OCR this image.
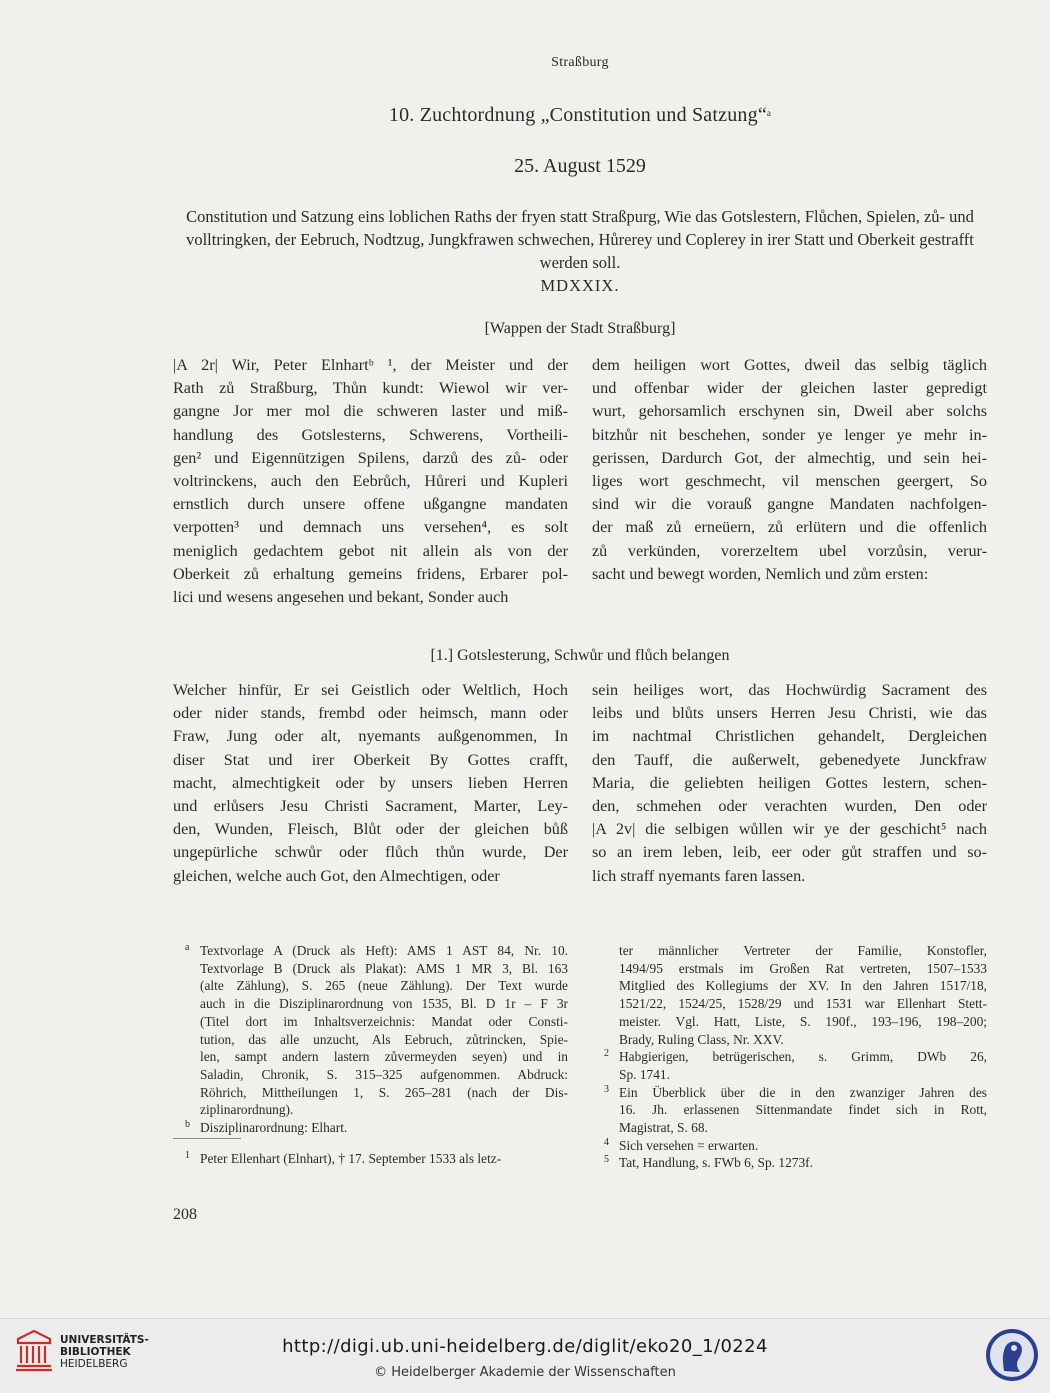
Straßburg
10. Zuchtordnung „Constitution und Satzung“$^a$
25. August 1529
Constitution und Satzung eins loblichen Raths der fryen statt Straßpurg, Wie das Gotslestern, Flůchen, Spielen, zů- und volltringken, der Eebruch, Nodtzug, Jungkfrawen schwechen, Hůrerey und Coplerey in irer Statt und Oberkeit gestrafft werden soll.
MDXXIX.
[Wappen der Stadt Straßburg]
|A 2r| Wir, Peter Elnhartᵇ ¹, der Meister und der
Rath zů Straßburg, Thůn kundt: Wiewol wir ver-
gangne Jor mer mol die schweren laster und miß-
handlung des Gotslesterns, Schwerens, Vortheili-
gen² und Eigennützigen Spilens, darzů des zů- oder
voltrinckens, auch den Eebrůch, Hůreri und Kupleri
ernstlich durch unsere offene ußgangne mandaten
verpotten³ und demnach uns versehen⁴, es solt
meniglich gedachtem gebot nit allein als von der
Oberkeit zů erhaltung gemeins fridens, Erbarer pol-
lici und wesens angesehen und bekant, Sonder auch
dem heiligen wort Gottes, dweil das selbig täglich
und offenbar wider der gleichen laster gepredigt
wurt, gehorsamlich erschynen sin, Dweil aber solchs
bitzhůr nit beschehen, sonder ye lenger ye mehr in-
gerissen, Dardurch Got, der almechtig, und sein hei-
liges wort geschmecht, vil menschen geergert, So
sind wir die vorauß gangne Mandaten nachfolgen-
der maß zů erneüern, zů erlütern und die offenlich
zů verkünden, vorerzeltem ubel vorzůsin, verur-
sacht und bewegt worden, Nemlich und zům ersten:
[1.] Gotslesterung, Schwůr und flůch belangen
Welcher hinfür, Er sei Geistlich oder Weltlich, Hoch
oder nider stands, frembd oder heimsch, mann oder
Fraw, Jung oder alt, nyemants außgenommen, In
diser Stat und irer Oberkeit By Gottes crafft,
macht, almechtigkeit oder by unsers lieben Herren
und erlůsers Jesu Christi Sacrament, Marter, Ley-
den, Wunden, Fleisch, Blůt oder der gleichen bůß
ungepürliche schwůr oder flůch thůn wurde, Der
gleichen, welche auch Got, den Almechtigen, oder
sein heiliges wort, das Hochwürdig Sacrament des
leibs und blůts unsers Herren Jesu Christi, wie das
im nachtmal Christlichen gehandelt, Dergleichen
den Tauff, die außerwelt, gebenedyete Junckfraw
Maria, die geliebten heiligen Gottes lestern, schen-
den, schmehen oder verachten wurden, Den oder
|A 2v| die selbigen wůllen wir ye der geschicht⁵ nach
so an irem leben, leib, eer oder gůt straffen und so-
lich straff nyemants faren lassen.
a Textvorlage A (Druck als Heft): AMS 1 AST 84, Nr. 10.
Textvorlage B (Druck als Plakat): AMS 1 MR 3, Bl. 163
(alte Zählung), S. 265 (neue Zählung). Der Text wurde
auch in die Disziplinarordnung von 1535, Bl. D 1r – F 3r
(Titel dort im Inhaltsverzeichnis: Mandat oder Consti-
tution, das alle unzucht, Als Eebruch, zůtrincken, Spie-
len, sampt andern lastern zůvermeyden seyen) und in
Saladin, Chronik, S. 315–325 aufgenommen. Abdruck:
Röhrich, Mittheilungen 1, S. 265–281 (nach der Dis-
ziplinarordnung).
b Disziplinarordnung: Elhart.
1 Peter Ellenhart (Elnhart), † 17. September 1533 als letz-
ter männlicher Vertreter der Familie, Konstofler,
1494/95 erstmals im Großen Rat vertreten, 1507–1533
Mitglied des Kollegiums der XV. In den Jahren 1517/18,
1521/22, 1524/25, 1528/29 und 1531 war Ellenhart Stett-
meister. Vgl. Hatt, Liste, S. 190f., 193–196, 198–200;
Brady, Ruling Class, Nr. XXV.
2 Habgierigen, betrügerischen, s. Grimm, DWb 26,
Sp. 1741.
3 Ein Überblick über die in den zwanziger Jahren des
16. Jh. erlassenen Sittenmandate findet sich in Rott,
Magistrat, S. 68.
4 Sich versehen = erwarten.
5 Tat, Handlung, s. FWb 6, Sp. 1273f.
208
UNIVERSITÄTS-
BIBLIOTHEK
HEIDELBERG
http://digi.ub.uni-heidelberg.de/diglit/eko20_1/0224
© Heidelberger Akademie der Wissenschaften
